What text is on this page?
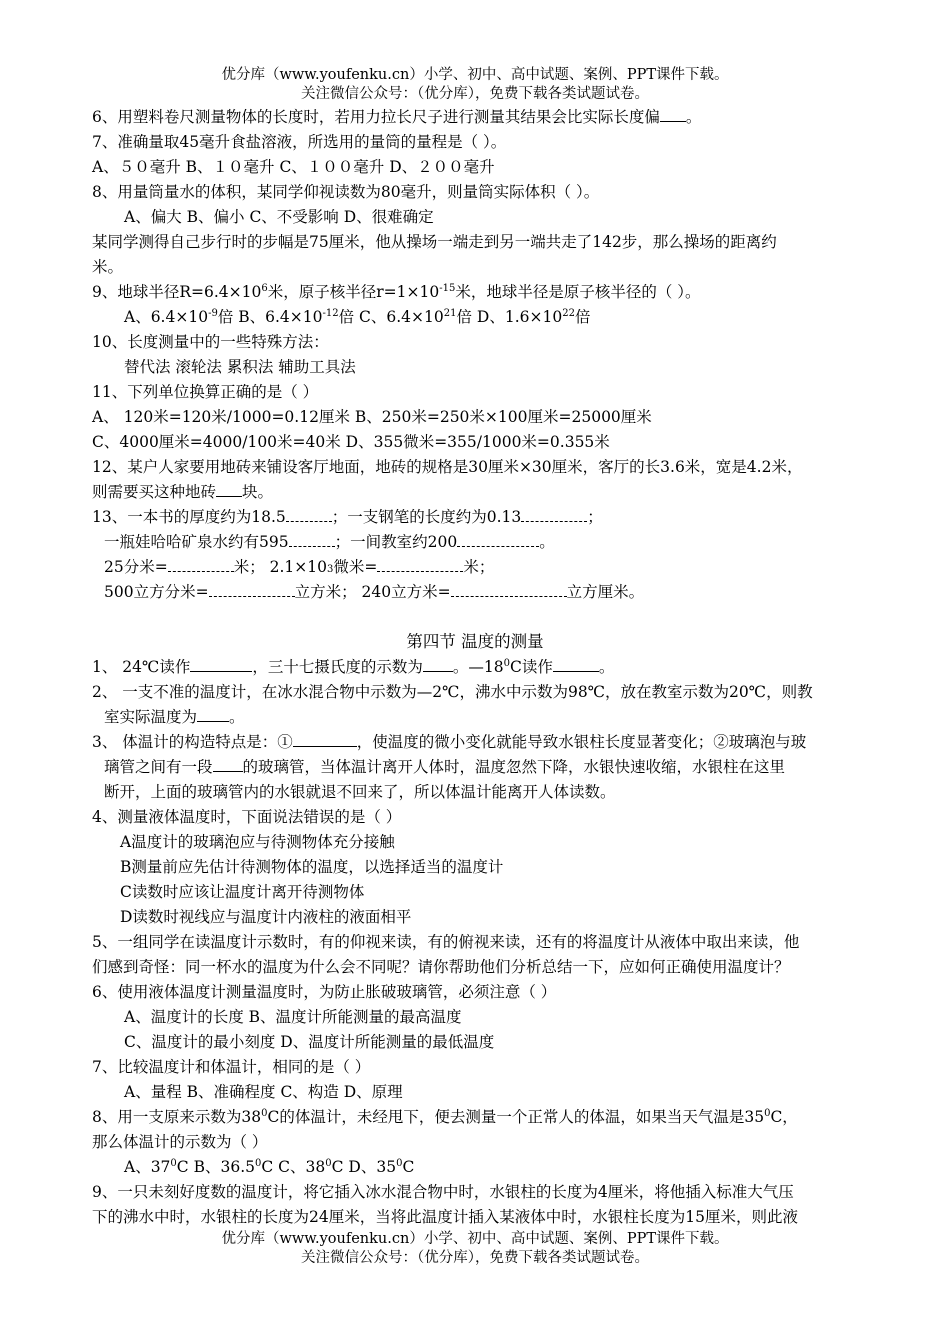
优分库（www.youfenku.cn）小学、初中、高中试题、案例、PPT课件下载。
关注微信公众号：（优分库），免费下载各类试题试卷。
6、用塑料卷尺测量物体的长度时，若用力拉长尺子进行测量其结果会比实际长度偏 。
7、准确量取45毫升食盐溶液，所选用的量筒的量程是（ ）。
A、５０毫升 B、１０毫升 C、１００毫升 D、２００毫升
8、用量筒量水的体积，某同学仰视读数为80毫升，则量筒实际体积（ ）。
A、偏大 B、偏小 C、不受影响 D、很难确定
某同学测得自己步行时的步幅是75厘米，他从操场一端走到另一端共走了142步，那么操场的距离约
米。
9、地球半径$R=6.4\times 10^6$米，原子核半径$r=1\times 10^{-15}$米，地球半径是原子核半径的（ ）。
A、$6.4\times 10^{-9}$倍 B、$6.4\times 10^{-12}$倍 C、$6.4\times 10^{21}$倍 D、$1.6\times 10^{22}$倍
10、长度测量中的一些特殊方法：
替代法 滚轮法 累积法 辅助工具法
11、下列单位换算正确的是（ ）
A、 120米=120米/1000=0.12厘米 B、250米=250米×100厘米=25000厘米
C、4000厘米=4000/100米=40米 D、355微米=355/1000米=0.355米
12、某户人家要用地砖来铺设客厅地面，地砖的规格是30厘米×30厘米，客厅的长3.6米，宽是4.2米，
则需要买这种地砖 块。
13、一本书的厚度约为18.5	；一支钢笔的长度约为0.13	；
一瓶娃哈哈矿泉水约有595	；一间教室约200	。
25分米=	米； 2.1×103微米=	米；
500立方分米=	立方米； 240立方米=	立方厘米。
第四节 温度的测量
1、 24℃读作	，三十七摄氏度的示数为 。$—18^0C$读作	。
2、 一支不准的温度计，在冰水混合物中示数为—2℃，沸水中示数为98℃，放在教室示数为20℃，则教
室实际温度为 。
3、 体温计的构造特点是：①	，使温度的微小变化就能导致水银柱长度显著变化；②玻璃泡与玻
璃管之间有一段 的玻璃管，当体温计离开人体时，温度忽然下降，水银快速收缩，水银柱在这里
断开，上面的玻璃管内的水银就退不回来了，所以体温计能离开人体读数。
4、测量液体温度时，下面说法错误的是（ ）
A温度计的玻璃泡应与待测物体充分接触
B测量前应先估计待测物体的温度，以选择适当的温度计
C读数时应该让温度计离开待测物体
D读数时视线应与温度计内液柱的液面相平
5、一组同学在读温度计示数时，有的仰视来读，有的俯视来读，还有的将温度计从液体中取出来读，他
们感到奇怪：同一杯水的温度为什么会不同呢？请你帮助他们分析总结一下，应如何正确使用温度计？
6、使用液体温度计测量温度时，为防止胀破玻璃管，必须注意（ ）
A、温度计的长度 B、温度计所能测量的最高温度
C、温度计的最小刻度 D、温度计所能测量的最低温度
7、比较温度计和体温计，相同的是（ ）
A、量程 B、准确程度 C、构造 D、原理
8、用一支原来示数为$38^0C$的体温计，未经甩下，便去测量一个正常人的体温，如果当天气温是$35^0C$，
那么体温计的示数为（ ）
A、$37^0C$ B、36.5$^0$C C、$38^0C$ D、$35^0C$
9、一只未刻好度数的温度计，将它插入冰水混合物中时，水银柱的长度为4厘米，将他插入标准大气压
下的沸水中时，水银柱的长度为24厘米，当将此温度计插入某液体中时，水银柱长度为15厘米，则此液
优分库（www.youfenku.cn）小学、初中、高中试题、案例、PPT课件下载。
关注微信公众号：（优分库），免费下载各类试题试卷。
